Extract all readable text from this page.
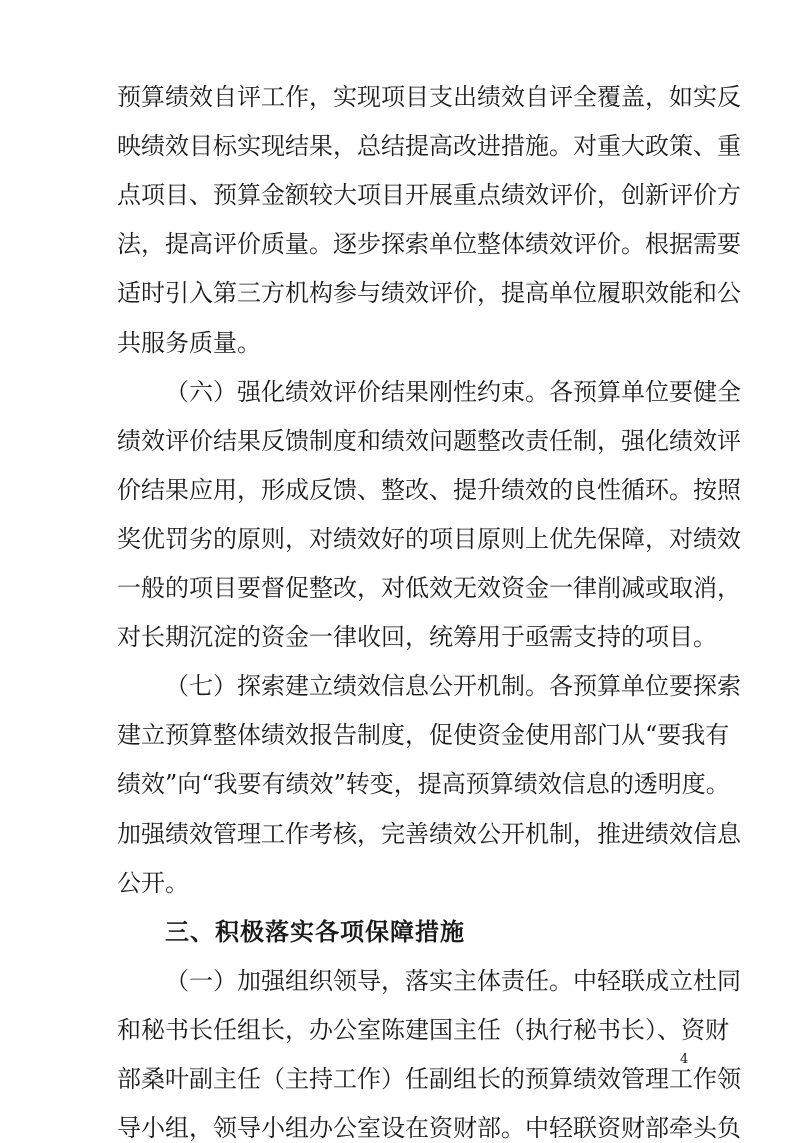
预算绩效自评工作，实现项目支出绩效自评全覆盖，如实反
映绩效目标实现结果，总结提高改进措施。对重大政策、重
点项目、预算金额较大项目开展重点绩效评价，创新评价方
法，提高评价质量。逐步探索单位整体绩效评价。根据需要
适时引入第三方机构参与绩效评价，提高单位履职效能和公
共服务质量。
（六）强化绩效评价结果刚性约束。各预算单位要健全
绩效评价结果反馈制度和绩效问题整改责任制，强化绩效评
价结果应用，形成反馈、整改、提升绩效的良性循环。按照
奖优罚劣的原则，对绩效好的项目原则上优先保障，对绩效
一般的项目要督促整改，对低效无效资金一律削减或取消，
对长期沉淀的资金一律收回，统筹用于亟需支持的项目。
（七）探索建立绩效信息公开机制。各预算单位要探索
建立预算整体绩效报告制度，促使资金使用部门从“要我有
绩效”向“我要有绩效”转变，提高预算绩效信息的透明度。
加强绩效管理工作考核，完善绩效公开机制，推进绩效信息
公开。
三、积极落实各项保障措施
（一）加强组织领导，落实主体责任。中轻联成立杜同
和秘书长任组长，办公室陈建国主任（执行秘书长）、资财
部桑叶副主任（主持工作）任副组长的预算绩效管理工作领
导小组，领导小组办公室设在资财部。中轻联资财部牵头负
4
